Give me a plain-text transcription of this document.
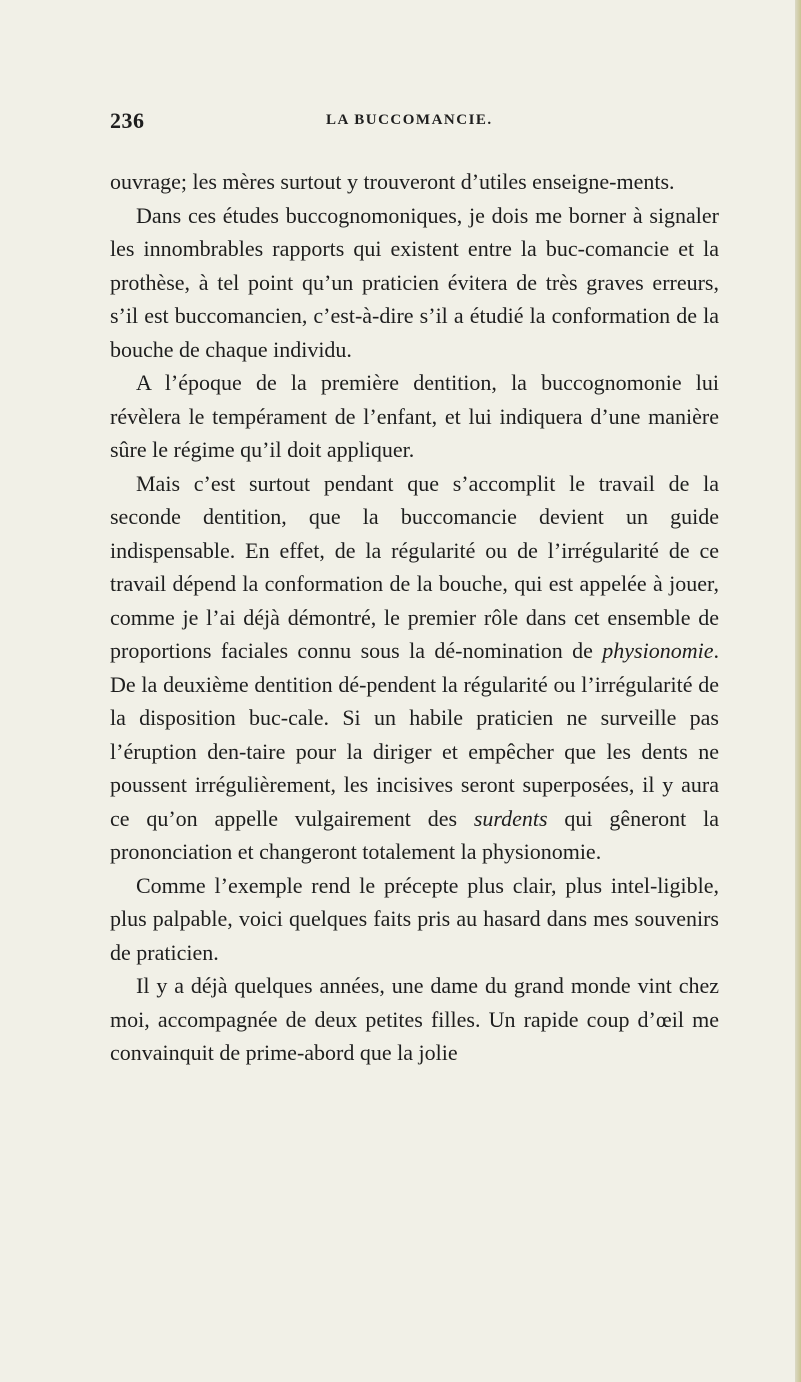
236	LA BUCCOMANCIE.

ouvrage; les mères surtout y trouveront d’utiles enseigne-ments.

Dans ces études buccognomoniques, je dois me borner à signaler les innombrables rapports qui existent entre la buc-comancie et la prothèse, à tel point qu’un praticien évitera de très graves erreurs, s’il est buccomancien, c’est-à-dire s’il a étudié la conformation de la bouche de chaque individu.

A l’époque de la première dentition, la buccognomonie lui révèlera le tempérament de l’enfant, et lui indiquera d’une manière sûre le régime qu’il doit appliquer.

Mais c’est surtout pendant que s’accomplit le travail de la seconde dentition, que la buccomancie devient un guide indispensable. En effet, de la régularité ou de l’irrégularité de ce travail dépend la conformation de la bouche, qui est appelée à jouer, comme je l’ai déjà démontré, le premier rôle dans cet ensemble de proportions faciales connu sous la dé-nomination de physionomie. De la deuxième dentition dé-pendent la régularité ou l’irrégularité de la disposition buc-cale. Si un habile praticien ne surveille pas l’éruption den-taire pour la diriger et empêcher que les dents ne poussent irrégulièrement, les incisives seront superposées, il y aura ce qu’on appelle vulgairement des surdents qui gêneront la prononciation et changeront totalement la physionomie.

Comme l’exemple rend le précepte plus clair, plus intel-ligible, plus palpable, voici quelques faits pris au hasard dans mes souvenirs de praticien.

Il y a déjà quelques années, une dame du grand monde vint chez moi, accompagnée de deux petites filles. Un rapide coup d’œil me convainquit de prime-abord que la jolie
